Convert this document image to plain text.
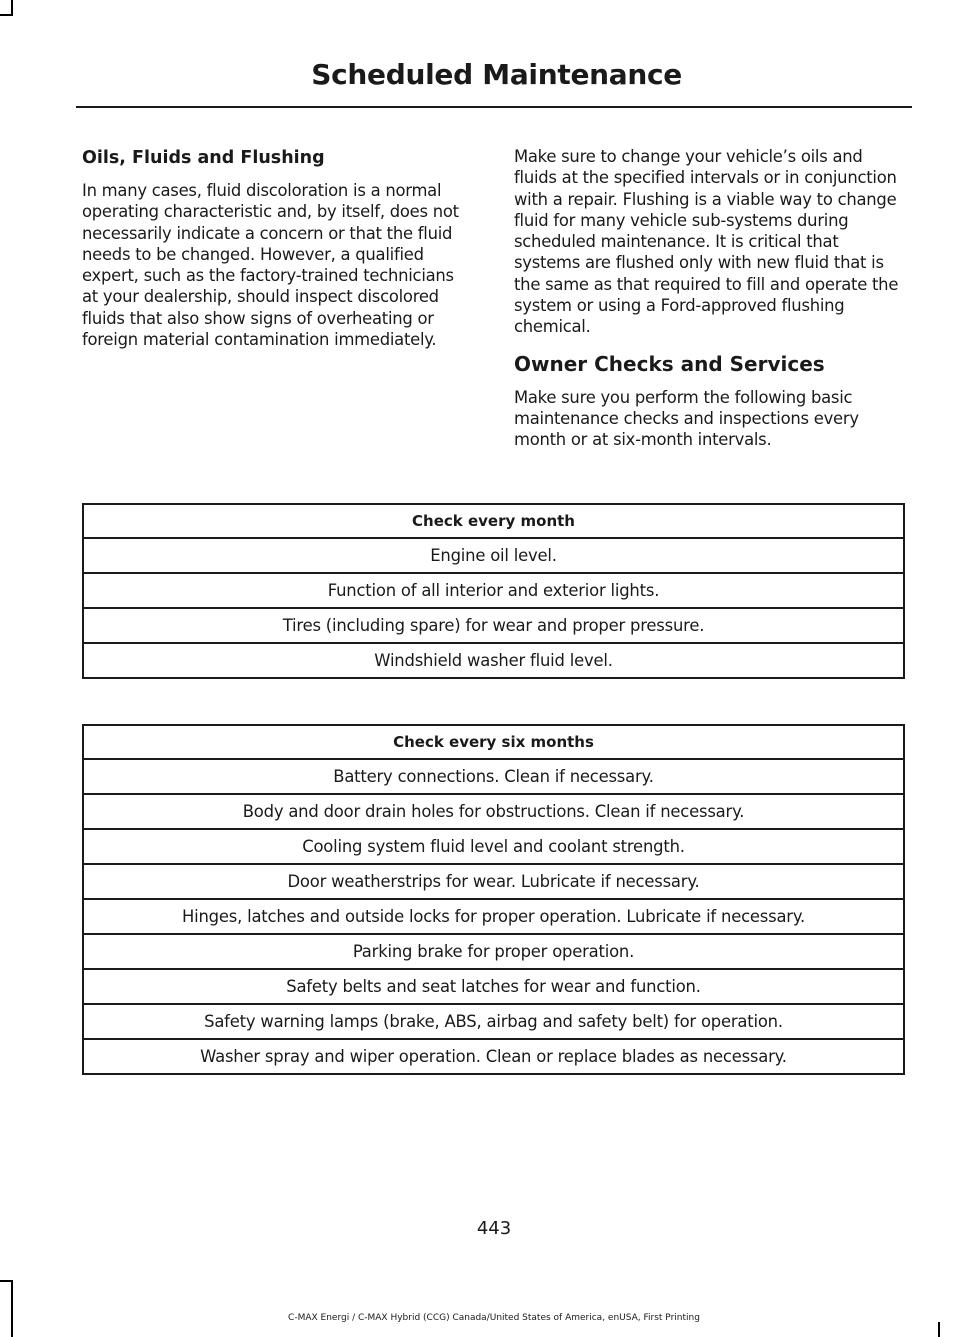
Scheduled Maintenance
Oils, Fluids and Flushing

In many cases, fluid discoloration is a normal operating characteristic and, by itself, does not necessarily indicate a concern or that the fluid needs to be changed. However, a qualified expert, such as the factory-trained technicians at your dealership, should inspect discolored fluids that also show signs of overheating or foreign material contamination immediately.

Make sure to change your vehicle’s oils and fluids at the specified intervals or in conjunction with a repair. Flushing is a viable way to change fluid for many vehicle sub-systems during scheduled maintenance. It is critical that systems are flushed only with new fluid that is the same as that required to fill and operate the system or using a Ford-approved flushing chemical.

Owner Checks and Services

Make sure you perform the following basic maintenance checks and inspections every month or at six-month intervals.

Check every month
Engine oil level.
Function of all interior and exterior lights.
Tires (including spare) for wear and proper pressure.
Windshield washer fluid level.
Check every six months
Battery connections. Clean if necessary.
Body and door drain holes for obstructions. Clean if necessary.
Cooling system fluid level and coolant strength.
Door weatherstrips for wear. Lubricate if necessary.
Hinges, latches and outside locks for proper operation. Lubricate if necessary.
Parking brake for proper operation.
Safety belts and seat latches for wear and function.
Safety warning lamps (brake, ABS, airbag and safety belt) for operation.
Washer spray and wiper operation. Clean or replace blades as necessary.
443
C-MAX Energi / C-MAX Hybrid (CCG) Canada/United States of America, enUSA, First Printing
